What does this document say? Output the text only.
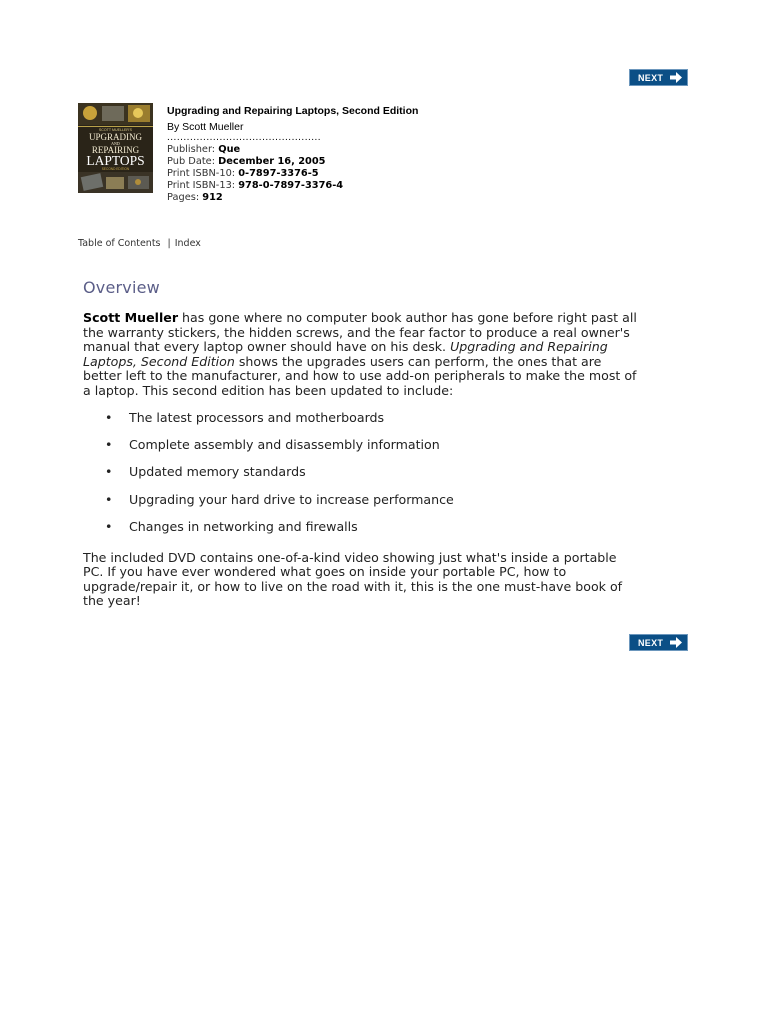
NEXT
SCOTT MUELLER'S
UPGRADING
AND
REPAIRING
LAPTOPS
SECOND EDITION
Upgrading and Repairing Laptops, Second Edition
By Scott Mueller
...............................................
Publisher: Que
Pub Date: December 16, 2005
Print ISBN-10: 0-7897-3376-5
Print ISBN-13: 978-0-7897-3376-4
Pages: 912
Table of Contents | Index
Overview

Scott Mueller has gone where no computer book author has gone before right past all the warranty stickers, the hidden screws, and the fear factor to produce a real owner's manual that every laptop owner should have on his desk. Upgrading and Repairing Laptops, Second Edition shows the upgrades users can perform, the ones that are better left to the manufacturer, and how to use add-on peripherals to make the most of a laptop. This second edition has been updated to include:

• The latest processors and motherboards
• Complete assembly and disassembly information
• Updated memory standards
• Upgrading your hard drive to increase performance
• Changes in networking and firewalls

The included DVD contains one-of-a-kind video showing just what's inside a portable PC. If you have ever wondered what goes on inside your portable PC, how to upgrade/repair it, or how to live on the road with it, this is the one must-have book of the year!

NEXT
